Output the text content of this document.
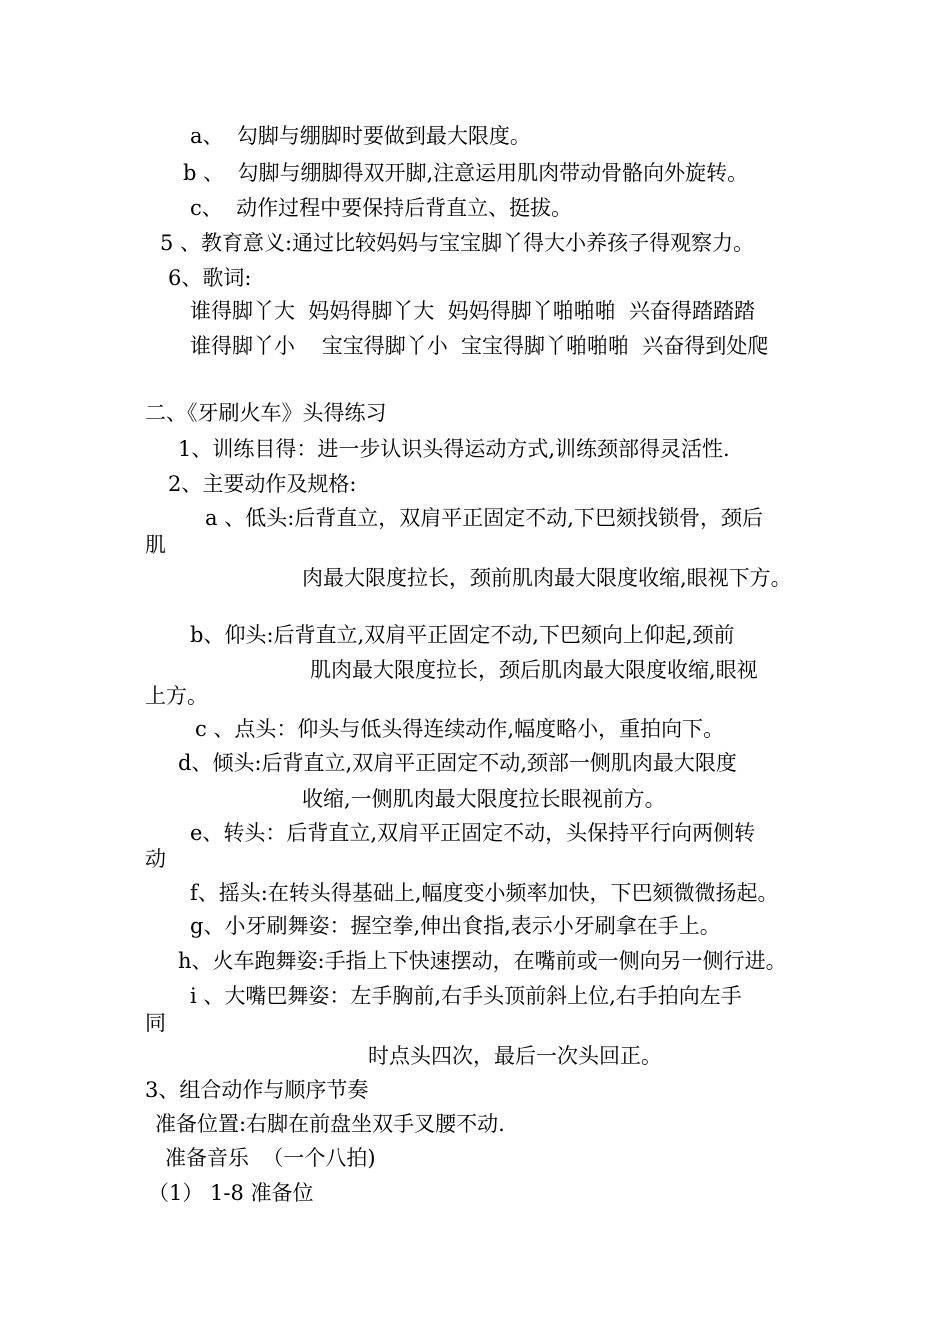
a、  勾脚与绷脚时要做到最大限度。
b 、  勾脚与绷脚得双开脚,注意运用肌肉带动骨骼向外旋转。
c、  动作过程中要保持后背直立、挺拔。
5 、教育意义:通过比较妈妈与宝宝脚丫得大小养孩子得观察力。
6、歌词:
谁得脚丫大  妈妈得脚丫大  妈妈得脚丫啪啪啪  兴奋得踏踏踏
谁得脚丫小    宝宝得脚丫小  宝宝得脚丫啪啪啪  兴奋得到处爬
二、《牙刷火车》头得练习
1、训练目得：进一步认识头得运动方式,训练颈部得灵活性.
2、主要动作及规格:
a 、低头:后背直立，双肩平正固定不动,下巴颏找锁骨，颈后
肌
肉最大限度拉长，颈前肌肉最大限度收缩,眼视下方。
b、仰头:后背直立,双肩平正固定不动,下巴颏向上仰起,颈前
肌肉最大限度拉长，颈后肌肉最大限度收缩,眼视
上方。
c 、点头：仰头与低头得连续动作,幅度略小，重拍向下。
d、倾头:后背直立,双肩平正固定不动,颈部一侧肌肉最大限度
收缩,一侧肌肉最大限度拉长眼视前方。
e、转头：后背直立,双肩平正固定不动，头保持平行向两侧转
动
f、摇头:在转头得基础上,幅度变小频率加快，下巴颏微微扬起。
g、小牙刷舞姿：握空拳,伸出食指,表示小牙刷拿在手上。
h、火车跑舞姿:手指上下快速摆动，在嘴前或一侧向另一侧行进。
i 、大嘴巴舞姿：左手胸前,右手头顶前斜上位,右手拍向左手
同
时点头四次，最后一次头回正。
3、组合动作与顺序节奏
准备位置:右脚在前盘坐双手叉腰不动.
准备音乐  （一个八拍)
（1） 1-8 准备位
